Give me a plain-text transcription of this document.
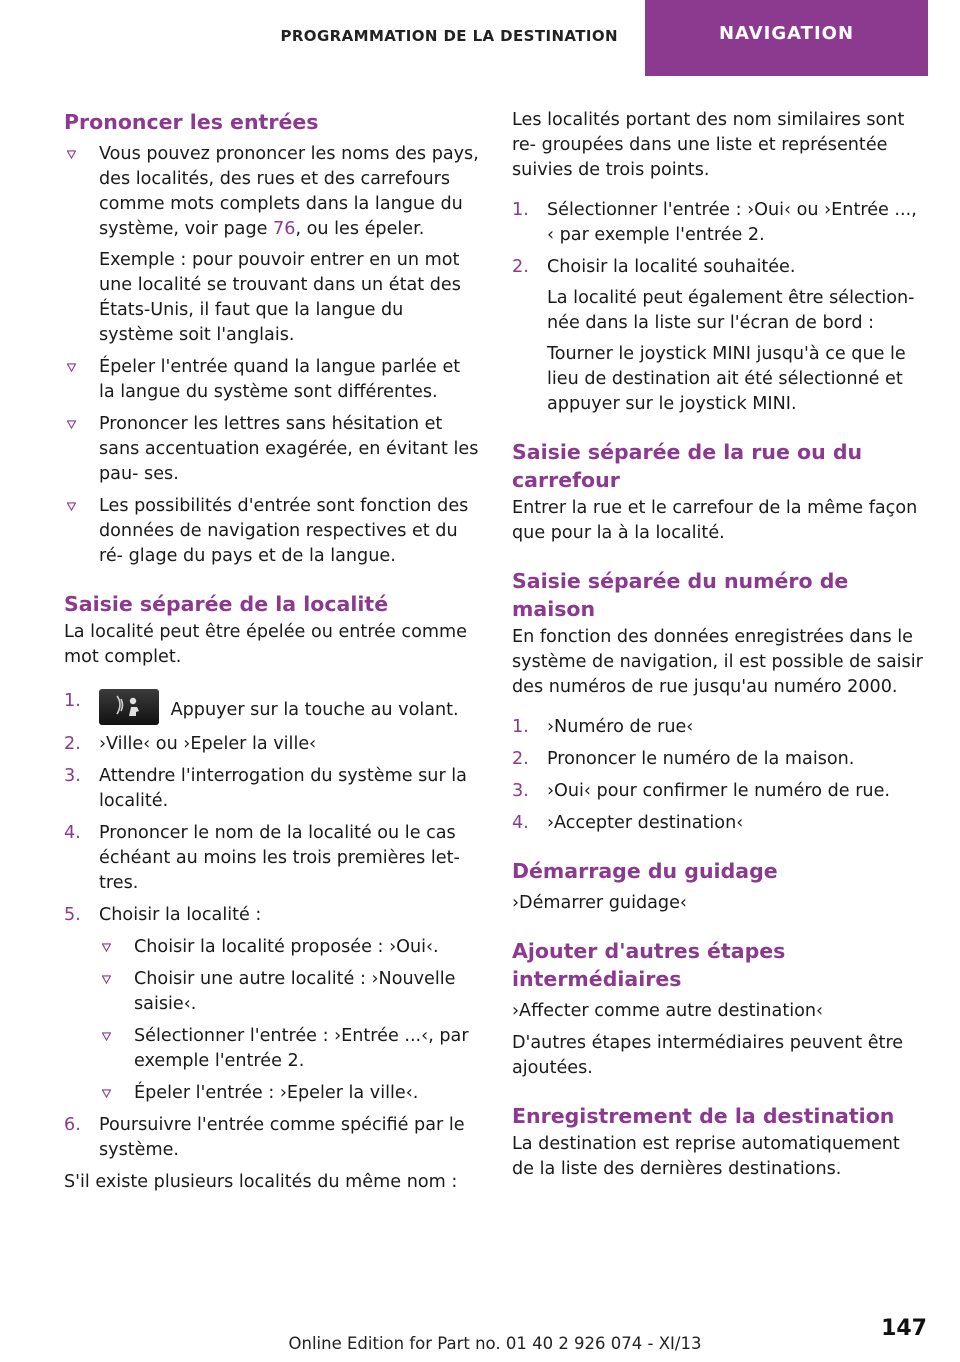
PROGRAMMATION DE LA DESTINATION	NAVIGATION
Prononcer les entrées
Vous pouvez prononcer les noms des pays, des localités, des rues et des carrefours comme mots complets dans la langue du système, voir page 76, ou les épeler.
Exemple : pour pouvoir entrer en un mot une localité se trouvant dans un état des États-Unis, il faut que la langue du système soit l'anglais.
Épeler l'entrée quand la langue parlée et la langue du système sont différentes.
Prononcer les lettres sans hésitation et sans accentuation exagérée, en évitant les pau‐ ses.
Les possibilités d'entrée sont fonction des données de navigation respectives et du ré‐ glage du pays et de la langue.
Saisie séparée de la localité

La localité peut être épelée ou entrée comme mot complet.

1.	Appuyer sur la touche au volant.
2. ›Ville‹ ou ›Epeler la ville‹
3. Attendre l'interrogation du système sur la localité.
4. Prononcer le nom de la localité ou le cas échéant au moins les trois premières let‐ tres.
5. Choisir la localité :
Choisir la localité proposée : ›Oui‹.
Choisir une autre localité : ›Nouvelle saisie‹.
Sélectionner l'entrée : ›Entrée ...‹, par exemple l'entrée 2.
Épeler l'entrée : ›Epeler la ville‹.
6. Poursuivre l'entrée comme spécifié par le système.

S'il existe plusieurs localités du même nom :

Les localités portant des nom similaires sont re‐ groupées dans une liste et représentée suivies de trois points.

1. Sélectionner l'entrée : ›Oui‹ ou ›Entrée ..., ‹ par exemple l'entrée 2.
2. Choisir la localité souhaitée.
La localité peut également être sélection‐ née dans la liste sur l'écran de bord :
Tourner le joystick MINI jusqu'à ce que le lieu de destination ait été sélectionné et appuyer sur le joystick MINI.
Saisie séparée de la rue ou du carrefour

Entrer la rue et le carrefour de la même façon que pour la à la localité.

Saisie séparée du numéro de maison

En fonction des données enregistrées dans le système de navigation, il est possible de saisir des numéros de rue jusqu'au numéro 2000.

1. ›Numéro de rue‹
2. Prononcer le numéro de la maison.
3. ›Oui‹ pour confirmer le numéro de rue.
4. ›Accepter destination‹
Démarrage du guidage

›Démarrer guidage‹

Ajouter d'autres étapes intermédiaires

›Affecter comme autre destination‹

D'autres étapes intermédiaires peuvent être ajoutées.

Enregistrement de la destination

La destination est reprise automatiquement de la liste des dernières destinations.

147
Online Edition for Part no. 01 40 2 926 074 - XI/13
